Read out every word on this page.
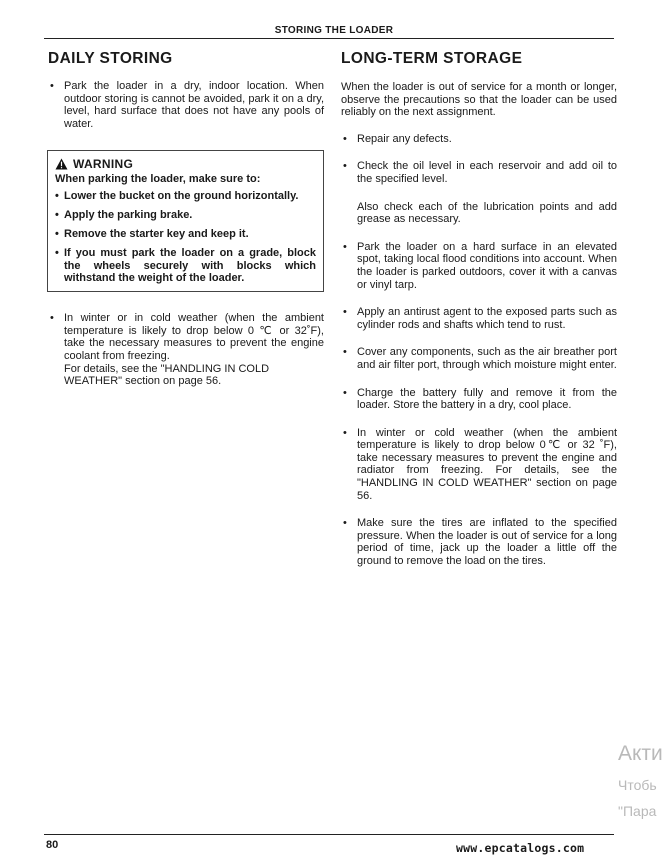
STORING THE LOADER
DAILY STORING
• Park the loader in a dry, indoor location. When outdoor storing is cannot be avoided, park it on a dry, level, hard surface that does not have any pools of water.
WARNING
When parking the loader, make sure to:
• Lower the bucket on the ground horizontally.
• Apply the parking brake.
• Remove the starter key and keep it.
• If you must park the loader on a grade, block the wheels securely with blocks which withstand the weight of the loader.
• In winter or in cold weather (when the ambient temperature is likely to drop below 0 ℃ or 32˚F), take the necessary measures to prevent the engine coolant from freezing.
For details, see the "HANDLING IN COLD WEATHER" section on page 56.
LONG-TERM STORAGE
When the loader is out of service for a month or longer, observe the precautions so that the loader can be used reliably on the next assignment.
• Repair any defects.
• Check the oil level in each reservoir and add oil to the specified level.
Also check each of the lubrication points and add grease as necessary.
• Park the loader on a hard surface in an elevated spot, taking local flood conditions into account. When the loader is parked outdoors, cover it with a canvas or vinyl tarp.
• Apply an antirust agent to the exposed parts such as cylinder rods and shafts which tend to rust.
• Cover any components, such as the air breather port and air filter port, through which moisture might enter.
• Charge the battery fully and remove it from the loader. Store the battery in a dry, cool place.
• In winter or cold weather (when the ambient temperature is likely to drop below 0℃ or 32 ˚F), take necessary measures to prevent the engine and radiator from freezing. For details, see the "HANDLING IN COLD WEATHER" section on page 56.
• Make sure the tires are inflated to the specified pressure. When the loader is out of service for a long period of time, jack up the loader a little off the ground to remove the load on the tires.
Акти
Чтобь
"Пара
80	www.epcatalogs.com
